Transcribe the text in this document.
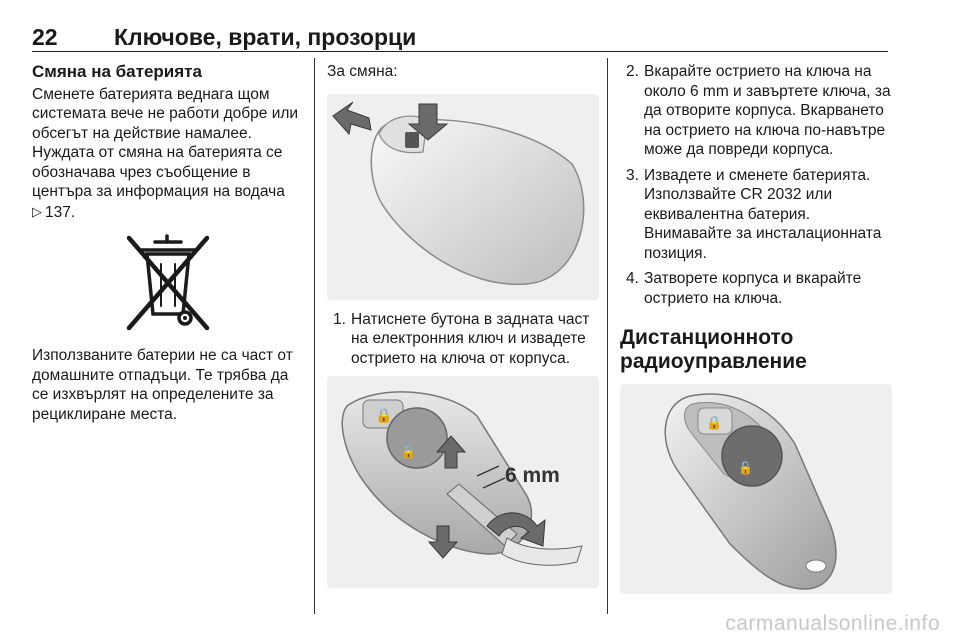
22 Ключове, врати, прозорци
Смяна на батерията
Сменете батерията веднага щом системата вече не работи добре или обсегът на действие намалее. Нуждата от смяна на батерията се обозначава чрез съобщение в центъра за информация на водача ▷ 137.
Използваните батерии не са част от домашните отпадъци. Те трябва да се изхвърлят на определените за рециклиране места.
За смяна:
1. Натиснете бутона в задната част на електронния ключ и извадете острието на ключа от корпуса.
🔒
🔓
6 mm
2. Вкарайте острието на ключа на около 6 mm и завъртете ключа, за да отворите корпуса. Вкарването на острието на ключа по-навътре може да повреди корпуса.
3. Извадете и сменете батерията. Използвайте CR 2032 или еквивалентна батерия. Внимавайте за инсталационната позиция.
4. Затворете корпуса и вкарайте острието на ключа.
Дистанционното радиоуправление
🔒
🔓
carmanualsonline.info
